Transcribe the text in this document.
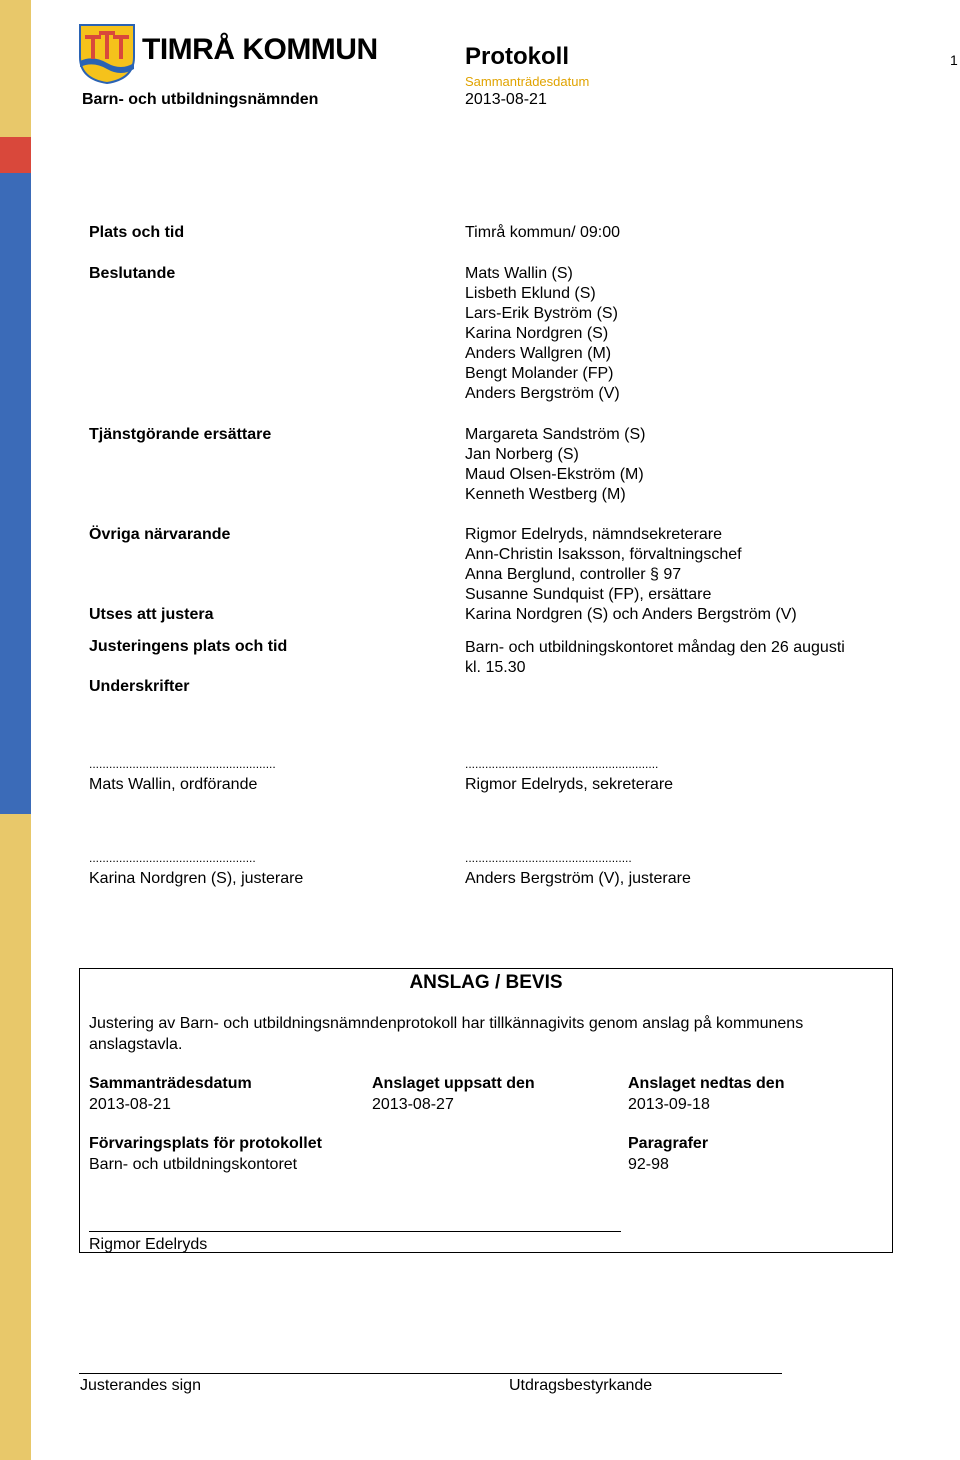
TIMRÅ KOMMUN
Barn- och utbildningsnämnden
Protokoll
Sammanträdesdatum
2013-08-21
1
Plats och tid	Timrå kommun/ 09:00
Beslutande	Mats Wallin (S)
Lisbeth Eklund (S)
Lars-Erik Byström (S)
Karina Nordgren (S)
Anders Wallgren (M)
Bengt Molander (FP)
Anders Bergström (V)
Tjänstgörande ersättare	Margareta Sandström (S)
Jan Norberg (S)
Maud Olsen-Ekström (M)
Kenneth Westberg (M)
Övriga närvarande	Rigmor Edelryds, nämndsekreterare
Ann-Christin Isaksson, förvaltningschef
Anna Berglund, controller § 97
Susanne Sundquist (FP), ersättare
Utses att justera	Karina Nordgren (S) och Anders Bergström (V)
Justeringens plats och tid	Barn- och utbildningskontoret måndag den 26 augusti
kl. 15.30
Underskrifter
........................................................	..........................................................
Mats Wallin, ordförande	Rigmor Edelryds, sekreterare
..................................................	..................................................
Karina Nordgren (S), justerare	Anders Bergström (V), justerare
ANSLAG / BEVIS
Justering av Barn- och utbildningsnämndenprotokoll har tillkännagivits genom anslag på kommunens
anslagstavla.
Sammanträdesdatum
2013-08-21
Anslaget uppsatt den
2013-08-27
Anslaget nedtas den
2013-09-18
Förvaringsplats för protokollet
Barn- och utbildningskontoret
Paragrafer
92-98
Rigmor Edelryds
Justerandes sign	Utdragsbestyrkande
